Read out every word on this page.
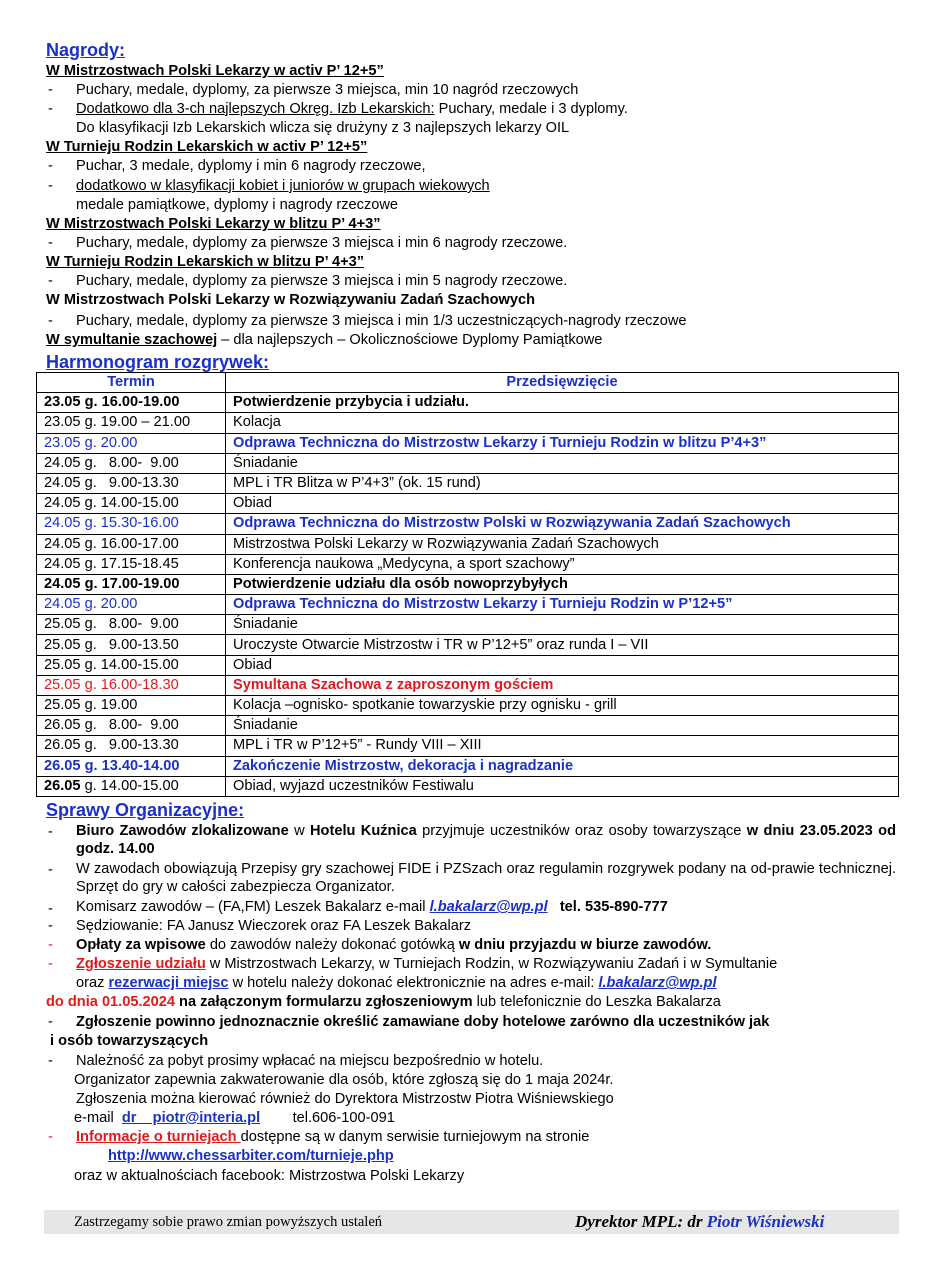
Nagrody:
W Mistrzostwach Polski Lekarzy w activ P’ 12+5”
- Puchary, medale, dyplomy, za pierwsze 3 miejsca, min 10 nagród rzeczowych
- Dodatkowo dla 3-ch najlepszych Okręg. Izb Lekarskich: Puchary, medale i 3 dyplomy.
Do klasyfikacji Izb Lekarskich wlicza się drużyny z 3 najlepszych lekarzy OIL
W Turnieju Rodzin Lekarskich w activ P’ 12+5”
- Puchar, 3 medale, dyplomy i min 6 nagrody rzeczowe,
- dodatkowo w klasyfikacji kobiet i juniorów w grupach wiekowych
medale pamiątkowe, dyplomy i nagrody rzeczowe
W Mistrzostwach Polski Lekarzy w blitzu P’ 4+3”
- Puchary, medale, dyplomy za pierwsze 3 miejsca i min 6 nagrody rzeczowe.
W Turnieju Rodzin Lekarskich w blitzu P’ 4+3”
- Puchary, medale, dyplomy za pierwsze 3 miejsca i min 5 nagrody rzeczowe.
W Mistrzostwach Polski Lekarzy w Rozwiązywaniu Zadań Szachowych
- Puchary, medale, dyplomy za pierwsze 3 miejsca i min 1/3 uczestniczących-nagrody rzeczowe
W symultanie szachowej – dla najlepszych – Okolicznościowe Dyplomy Pamiątkowe
Harmonogram rozgrywek:
Termin	Przedsięwzięcie
23.05 g. 16.00-19.00	Potwierdzenie przybycia i udziału.
23.05 g. 19.00 – 21.00	Kolacja
23.05 g. 20.00	Odprawa Techniczna do Mistrzostw Lekarzy i Turnieju Rodzin w blitzu P’4+3”
24.05 g.   8.00-  9.00	Śniadanie
24.05 g.   9.00-13.30	MPL i TR Blitza w P’4+3” (ok. 15 rund)
24.05 g. 14.00-15.00	Obiad
24.05 g. 15.30-16.00	Odprawa Techniczna do Mistrzostw Polski w Rozwiązywania Zadań Szachowych
24.05 g. 16.00-17.00	Mistrzostwa Polski Lekarzy w Rozwiązywania Zadań Szachowych
24.05 g. 17.15-18.45	Konferencja naukowa „Medycyna, a sport szachowy”
24.05 g. 17.00-19.00	Potwierdzenie udziału dla osób nowoprzybyłych
24.05 g. 20.00	Odprawa Techniczna do Mistrzostw Lekarzy i Turnieju Rodzin w P’12+5”
25.05 g.   8.00-  9.00	Śniadanie
25.05 g.   9.00-13.50	Uroczyste Otwarcie Mistrzostw i TR w P’12+5” oraz runda I – VII
25.05 g. 14.00-15.00	Obiad
25.05 g. 16.00-18.30	Symultana Szachowa z zaproszonym gościem
25.05 g. 19.00	Kolacja –ognisko- spotkanie towarzyskie przy ognisku - grill
26.05 g.   8.00-  9.00	Śniadanie
26.05 g.   9.00-13.30	MPL i TR w P’12+5” - Rundy VIII – XIII
26.05 g. 13.40-14.00	Zakończenie Mistrzostw, dekoracja i nagradzanie
26.05 g. 14.00-15.00	Obiad, wyjazd uczestników Festiwalu
Sprawy Organizacyjne:
- Biuro Zawodów zlokalizowane w Hotelu Kuźnica przyjmuje uczestników oraz osoby towarzyszące w dniu 23.05.2023 od godz. 14.00
- W zawodach obowiązują Przepisy gry szachowej FIDE i PZSzach oraz regulamin rozgrywek podany na od-prawie technicznej. Sprzęt do gry w całości zabezpiecza Organizator.
- Komisarz zawodów – (FA,FM) Leszek Bakalarz e-mail l.bakalarz@wp.pl   tel. 535-890-777
- Sędziowanie: FA Janusz Wieczorek oraz FA Leszek Bakalarz
- Opłaty za wpisowe do zawodów należy dokonać gotówką w dniu przyjazdu w biurze zawodów.
- Zgłoszenie udziału w Mistrzostwach Lekarzy, w Turniejach Rodzin, w Rozwiązywaniu Zadań i w Symultanie
oraz rezerwacji miejsc w hotelu należy dokonać elektronicznie na adres e-mail: l.bakalarz@wp.pl
do dnia 01.05.2024 na załączonym formularzu zgłoszeniowym lub telefonicznie do Leszka Bakalarza
- Zgłoszenie powinno jednoznacznie określić zamawiane doby hotelowe zarówno dla uczestników jak
i osób towarzyszących
- Należność za pobyt prosimy wpłacać na miejscu bezpośrednio w hotelu.
Organizator zapewnia zakwaterowanie dla osób, które zgłoszą się do 1 maja 2024r.
Zgłoszenia można kierować również do Dyrektora Mistrzostw Piotra Wiśniewskiego
e-mail  dr    piotr@interia.pl        tel.606-100-091
- Informacje o turniejach dostępne są w danym serwisie turniejowym na stronie
http://www.chessarbiter.com/turnieje.php
oraz w aktualnościach facebook: Mistrzostwa Polski Lekarzy
Zastrzegamy sobie prawo zmian powyższych ustaleń	Dyrektor MPL: dr Piotr Wiśniewski
